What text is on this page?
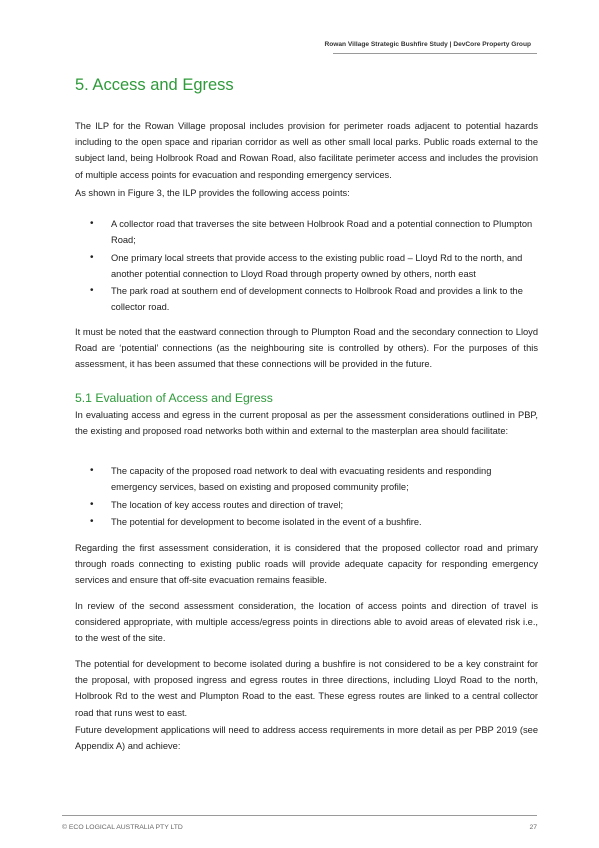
Rowan Village Strategic Bushfire Study | DevCore Property Group
5. Access and Egress

The ILP for the Rowan Village proposal includes provision for perimeter roads adjacent to potential hazards including to the open space and riparian corridor as well as other small local parks. Public roads external to the subject land, being Holbrook Road and Rowan Road, also facilitate perimeter access and includes the provision of multiple access points for evacuation and responding emergency services.

As shown in Figure 3, the ILP provides the following access points:

• A collector road that traverses the site between Holbrook Road and a potential connection to Plumpton Road;
• One primary local streets that provide access to the existing public road – Lloyd Rd to the north, and another potential connection to Lloyd Road through property owned by others, north east
• The park road at southern end of development connects to Holbrook Road and provides a link to the collector road.

It must be noted that the eastward connection through to Plumpton Road and the secondary connection to Lloyd Road are ‘potential’ connections (as the neighbouring site is controlled by others). For the purposes of this assessment, it has been assumed that these connections will be provided in the future.

5.1 Evaluation of Access and Egress

In evaluating access and egress in the current proposal as per the assessment considerations outlined in PBP, the existing and proposed road networks both within and external to the masterplan area should facilitate:

• The capacity of the proposed road network to deal with evacuating residents and responding emergency services, based on existing and proposed community profile;
• The location of key access routes and direction of travel;
• The potential for development to become isolated in the event of a bushfire.

Regarding the first assessment consideration, it is considered that the proposed collector road and primary through roads connecting to existing public roads will provide adequate capacity for responding emergency services and ensure that off-site evacuation remains feasible.

In review of the second assessment consideration, the location of access points and direction of travel is considered appropriate, with multiple access/egress points in directions able to avoid areas of elevated risk i.e., to the west of the site.

The potential for development to become isolated during a bushfire is not considered to be a key constraint for the proposal, with proposed ingress and egress routes in three directions, including Lloyd Road to the north, Holbrook Rd to the west and Plumpton Road to the east. These egress routes are linked to a central collector road that runs west to east.

Future development applications will need to address access requirements in more detail as per PBP 2019 (see Appendix A) and achieve:

© ECO LOGICAL AUSTRALIA PTY LTD	27
